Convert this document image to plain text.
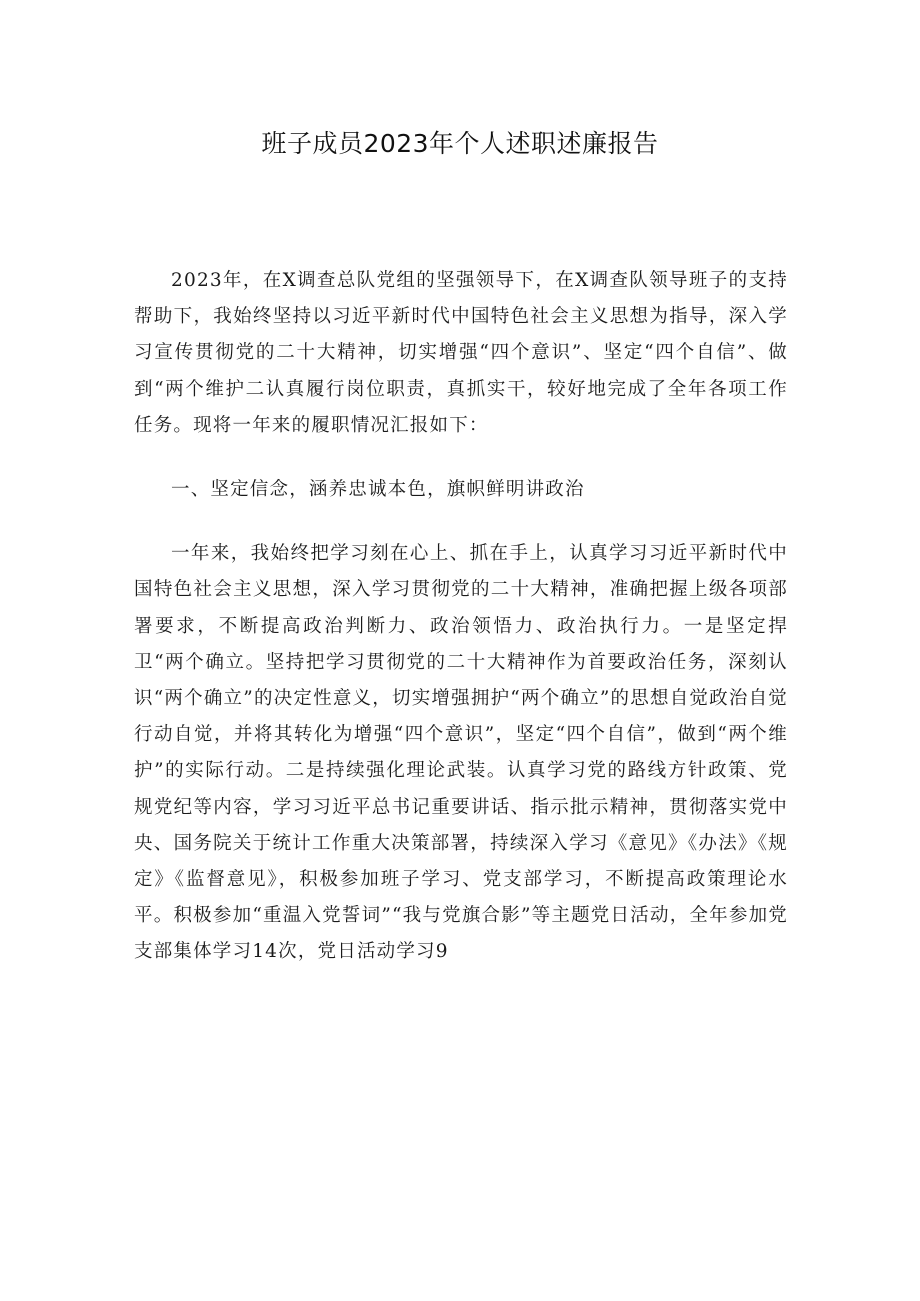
班子成员2023年个人述职述廉报告

2023年，在X调查总队党组的坚强领导下，在X调查队领导班子的支持帮助下，我始终坚持以习近平新时代中国特色社会主义思想为指导，深入学习宣传贯彻党的二十大精神，切实增强“四个意识”、坚定“四个自信”、做到“两个维护二认真履行岗位职责，真抓实干，较好地完成了全年各项工作任务。现将一年来的履职情况汇报如下：

一、坚定信念，涵养忠诚本色，旗帜鲜明讲政治

一年来，我始终把学习刻在心上、抓在手上，认真学习习近平新时代中国特色社会主义思想，深入学习贯彻党的二十大精神，准确把握上级各项部署要求，不断提高政治判断力、政治领悟力、政治执行力。一是坚定捍卫“两个确立。坚持把学习贯彻党的二十大精神作为首要政治任务，深刻认识“两个确立”的决定性意义，切实增强拥护“两个确立”的思想自觉政治自觉行动自觉，并将其转化为增强“四个意识”，坚定“四个自信”，做到“两个维护”的实际行动。二是持续强化理论武装。认真学习党的路线方针政策、党规党纪等内容，学习习近平总书记重要讲话、指示批示精神，贯彻落实党中央、国务院关于统计工作重大决策部署，持续深入学习《意见》《办法》《规定》《监督意见》，积极参加班子学习、党支部学习，不断提高政策理论水平。积极参加“重温入党誓词”“我与党旗合影”等主题党日活动，全年参加党支部集体学习14次，党日活动学习9
